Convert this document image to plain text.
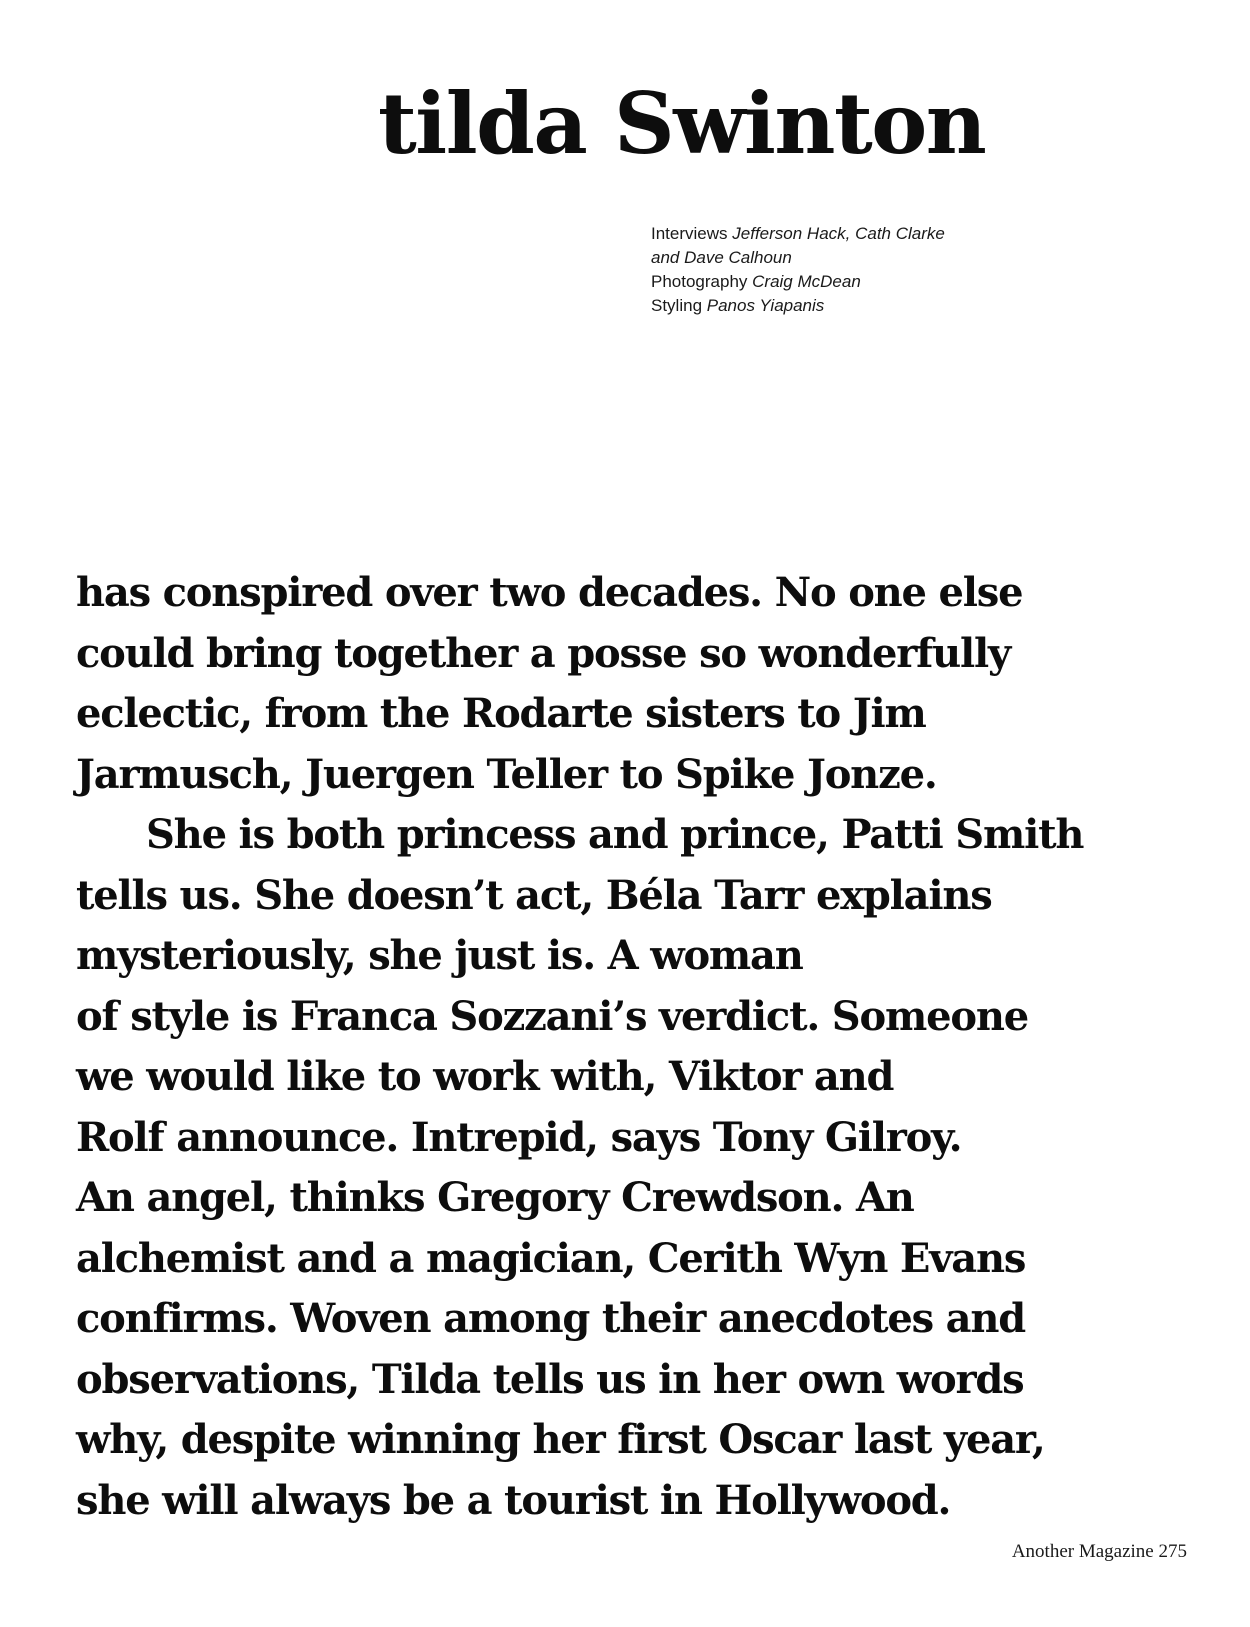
tilda Swinton
Interviews Jefferson Hack, Cath Clarke
and Dave Calhoun
Photography Craig McDean
Styling Panos Yiapanis
has conspired over two decades. No one else
could bring together a posse so wonderfully
eclectic, from the Rodarte sisters to Jim
Jarmusch, Juergen Teller to Spike Jonze.
She is both princess and prince, Patti Smith
tells us. She doesn’t act, Béla Tarr explains
mysteriously, she just is. A woman
of style is Franca Sozzani’s verdict. Someone
we would like to work with, Viktor and
Rolf announce. Intrepid, says Tony Gilroy.
An angel, thinks Gregory Crewdson. An
alchemist and a magician, Cerith Wyn Evans
confirms. Woven among their anecdotes and
observations, Tilda tells us in her own words
why, despite winning her first Oscar last year,
she will always be a tourist in Hollywood.
Another Magazine 275
